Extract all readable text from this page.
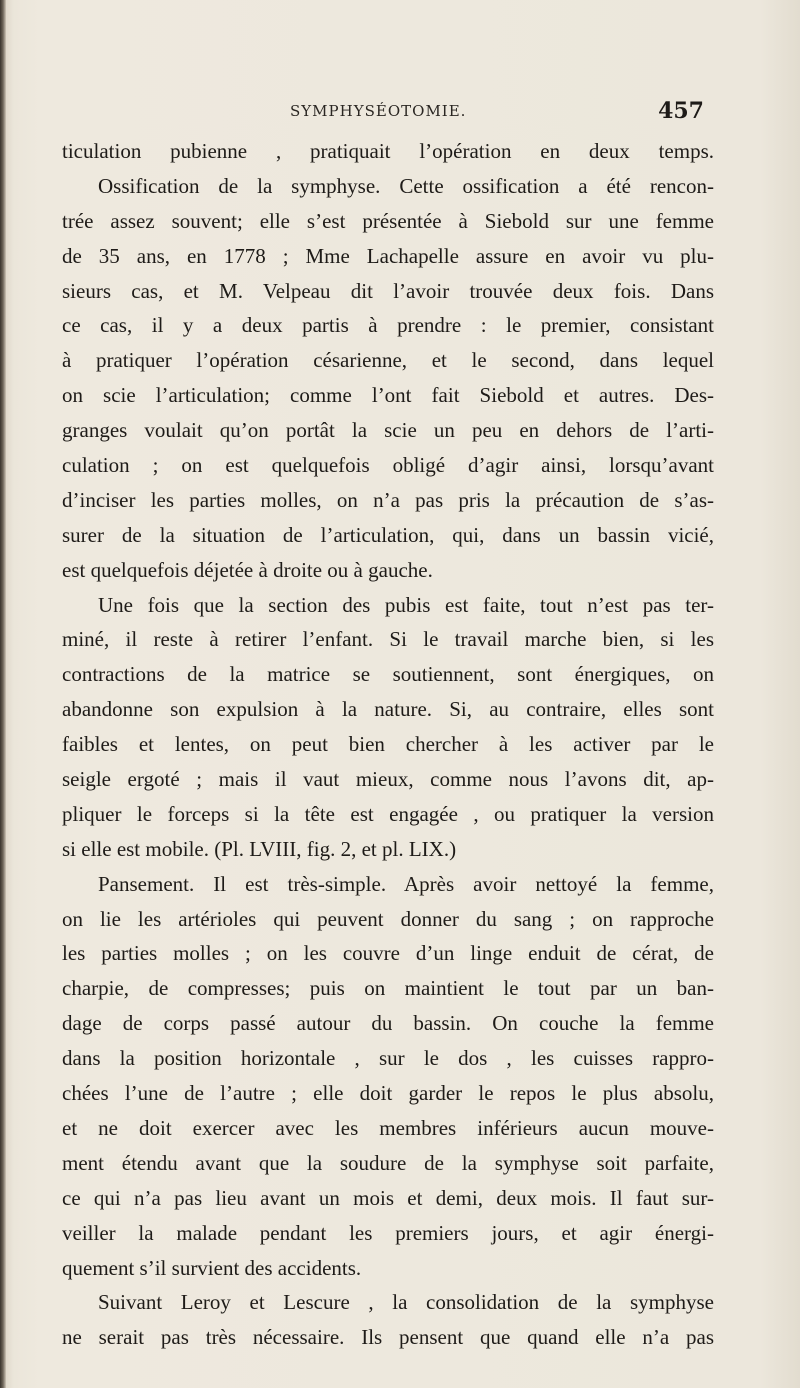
SYMPHYSÉOTOMIE.	457
ticulation pubienne , pratiquait l’opération en deux temps.
Ossification de la symphyse. Cette ossification a été rencon-
trée assez souvent; elle s’est présentée à Siebold sur une femme
de 35 ans, en 1778 ; Mme Lachapelle assure en avoir vu plu-
sieurs cas, et M. Velpeau dit l’avoir trouvée deux fois. Dans
ce cas, il y a deux partis à prendre : le premier, consistant
à pratiquer l’opération césarienne, et le second, dans lequel
on scie l’articulation; comme l’ont fait Siebold et autres. Des-
granges voulait qu’on portât la scie un peu en dehors de l’arti-
culation ; on est quelquefois obligé d’agir ainsi, lorsqu’avant
d’inciser les parties molles, on n’a pas pris la précaution de s’as-
surer de la situation de l’articulation, qui, dans un bassin vicié,
est quelquefois déjetée à droite ou à gauche.
Une fois que la section des pubis est faite, tout n’est pas ter-
miné, il reste à retirer l’enfant. Si le travail marche bien, si les
contractions de la matrice se soutiennent, sont énergiques, on
abandonne son expulsion à la nature. Si, au contraire, elles sont
faibles et lentes, on peut bien chercher à les activer par le
seigle ergoté ; mais il vaut mieux, comme nous l’avons dit, ap-
pliquer le forceps si la tête est engagée , ou pratiquer la version
si elle est mobile. (Pl. LVIII, fig. 2, et pl. LIX.)
Pansement. Il est très-simple. Après avoir nettoyé la femme,
on lie les artérioles qui peuvent donner du sang ; on rapproche
les parties molles ; on les couvre d’un linge enduit de cérat, de
charpie, de compresses; puis on maintient le tout par un ban-
dage de corps passé autour du bassin. On couche la femme
dans la position horizontale , sur le dos , les cuisses rappro-
chées l’une de l’autre ; elle doit garder le repos le plus absolu,
et ne doit exercer avec les membres inférieurs aucun mouve-
ment étendu avant que la soudure de la symphyse soit parfaite,
ce qui n’a pas lieu avant un mois et demi, deux mois. Il faut sur-
veiller la malade pendant les premiers jours, et agir énergi-
quement s’il survient des accidents.
Suivant Leroy et Lescure , la consolidation de la symphyse
ne serait pas très nécessaire. Ils pensent que quand elle n’a pas
